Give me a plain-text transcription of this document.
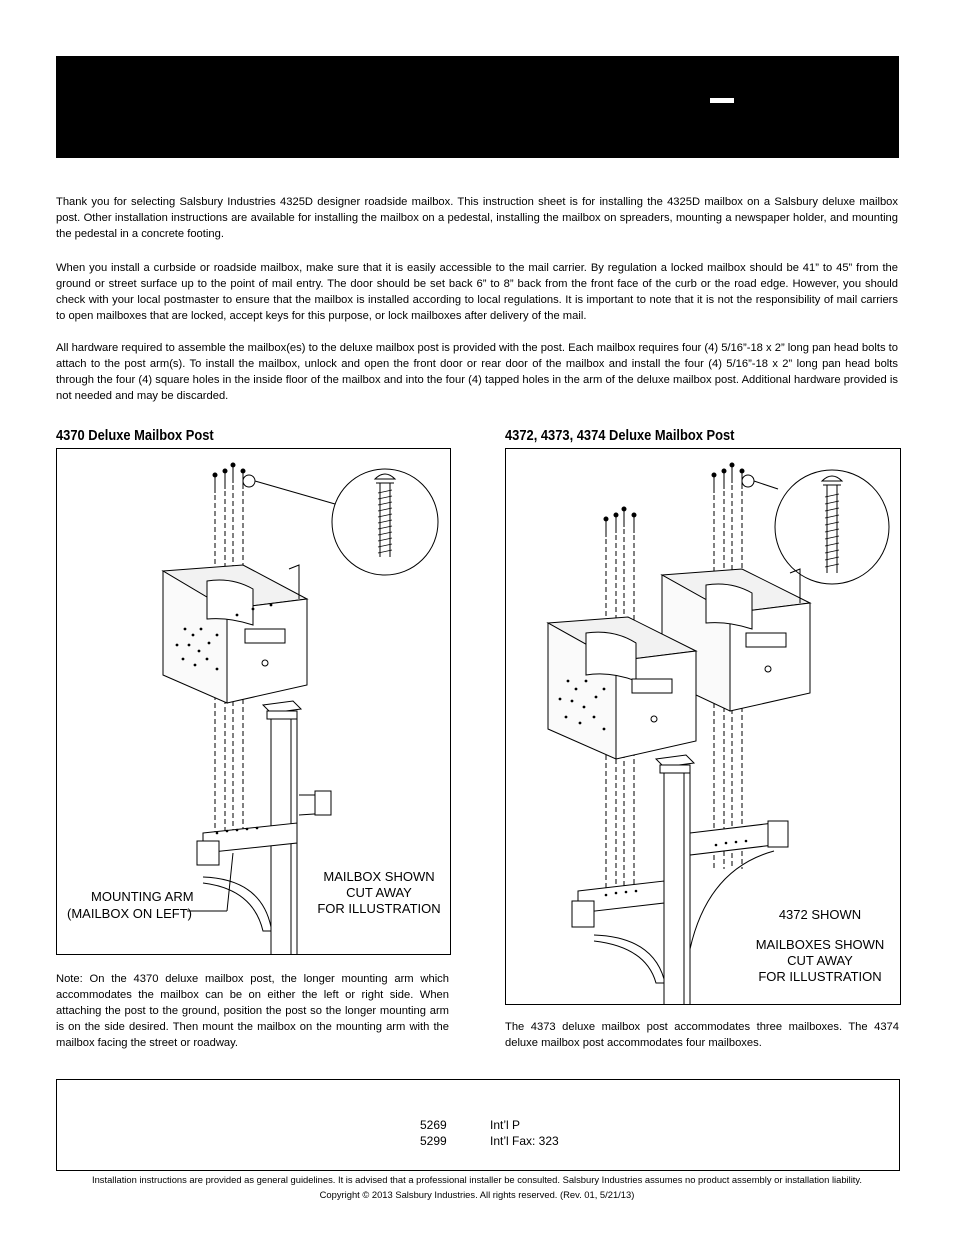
Thank you for selecting Salsbury Industries 4325D designer roadside mailbox. This instruction sheet is for installing the 4325D mailbox on a Salsbury deluxe mailbox post. Other installation instructions are available for installing the mailbox on a pedestal, installing the mailbox on spreaders, mounting a newspaper holder, and mounting the pedestal in a concrete footing.

When you install a curbside or roadside mailbox, make sure that it is easily accessible to the mail carrier. By regulation a locked mailbox should be 41” to 45” from the ground or street surface up to the point of mail entry. The door should be set back 6” to 8” back from the front face of the curb or the road edge. However, you should check with your local postmaster to ensure that the mailbox is installed according to local regulations. It is important to note that it is not the responsibility of mail carriers to open mailboxes that are locked, accept keys for this purpose, or lock mailboxes after delivery of the mail.

All hardware required to assemble the mailbox(es) to the deluxe mailbox post is provided with the post. Each mailbox requires four (4) 5/16”-18 x 2” long pan head bolts to attach to the post arm(s). To install the mailbox, unlock and open the front door or rear door of the mailbox and install the four (4) 5/16”-18 x 2” long pan head bolts through the four (4) square holes in the inside floor of the mailbox and into the four (4) tapped holes in the arm of the deluxe mailbox post. Additional hardware provided is not needed and may be discarded.

4370 Deluxe Mailbox Post	4372, 4373, 4374 Deluxe Mailbox Post
MOUNTING ARM
(MAILBOX ON LEFT)
MAILBOX SHOWN
CUT AWAY
FOR ILLUSTRATION	4372 SHOWN
MAILBOXES SHOWN
CUT AWAY
FOR ILLUSTRATION

Note: On the 4370 deluxe mailbox post, the longer mounting arm which accommodates the mailbox can be on either the left or right side. When attaching the post to the ground, position the post so the longer mounting arm is on the side desired. Then mount the mailbox on the mounting arm with the mailbox facing the street or roadway.

The 4373 deluxe mailbox post accommodates three mailboxes. The 4374 deluxe mailbox post accommodates four mailboxes.

5269	Int’l P
5299	Int’l Fax: 323
Installation instructions are provided as general guidelines. It is advised that a professional installer be consulted. Salsbury Industries assumes no product assembly or installation liability.
Copyright © 2013 Salsbury Industries. All rights reserved. (Rev. 01, 5/21/13)
